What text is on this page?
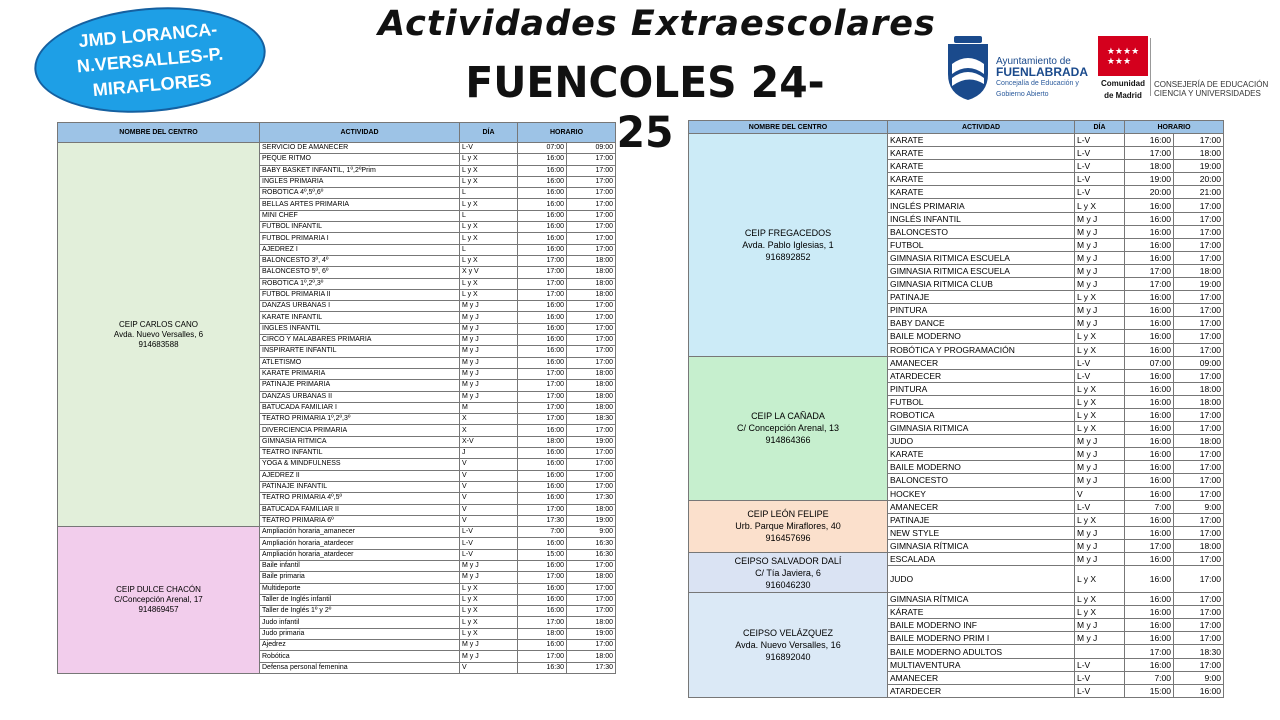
JMD LORANCA-
N.VERSALLES-P.
MIRAFLORES
Actividades Extraescolares
FUENCOLES 24-25
Ayuntamiento de
FUENLABRADA
Concejalía de Educación y
Gobierno Abierto
★★★★
★★★
Comunidad
de Madrid
CONSEJERÍA DE EDUCACIÓN
CIENCIA Y UNIVERSIDADES
NOMBRE DEL CENTRO	ACTIVIDAD	DÍA	HORARIO	

CEIP CARLOS CANO
Avda. Nuevo Versalles, 6
914683588	SERVICIO DE AMANECER	L-V	07:00	09:00
	PEQUE RITMO	L y X	16:00	17:00
	BABY BASKET INFANTIL, 1º,2ºPrim	L y X	16:00	17:00
	INGLES PRIMARIA	L y X	16:00	17:00
	ROBOTICA 4º,5º,6º	L	16:00	17:00
	BELLAS ARTES PRIMARIA	L y X	16:00	17:00
	MINI CHEF	L	16:00	17:00
	FUTBOL INFANTIL	L y X	16:00	17:00
	FUTBOL PRIMARIA I	L y X	16:00	17:00
	AJEDREZ I	L	16:00	17:00
	BALONCESTO 3º, 4º	L y X	17:00	18:00
	BALONCESTO 5º, 6º	X y V	17:00	18:00
	ROBOTICA 1º,2º,3º	L y X	17:00	18:00
	FUTBOL PRIMARIA II	L y X	17:00	18:00
	DANZAS URBANAS I	M y J	16:00	17:00
	KARATE INFANTIL	M y J	16:00	17:00
	INGLES INFANTIL	M y J	16:00	17:00
	CIRCO Y MALABARES PRIMARIA	M y J	16:00	17:00
	INSPIRARTE INFANTIL	M y J	16:00	17:00
	ATLETISMO	M y J	16:00	17:00
	KARATE PRIMARIA	M y J	17:00	18:00
	PATINAJE PRIMARIA	M y J	17:00	18:00
	DANZAS URBANAS II	M y J	17:00	18:00
	BATUCADA FAMILIAR I	M	17:00	18:00
	TEATRO PRIMARIA 1º,2º,3º	X	17:00	18:30
	DIVERCIENCIA PRIMARIA	X	16:00	17:00
	GIMNASIA RITMICA	X-V	18:00	19:00
	TEATRO INFANTIL	J	16:00	17:00
	YOGA & MINDFULNESS	V	16:00	17:00
	AJEDREZ II	V	16:00	17:00
	PATINAJE INFANTIL	V	16:00	17:00
	TEATRO PRIMARIA 4º,5º	V	16:00	17:30
	BATUCADA FAMILIAR II	V	17:00	18:00
	TEATRO PRIMARIA 6º	V	17:30	19:00

CEIP DULCE CHACÓN
C/Concepción Arenal, 17
914869457	Ampliación horaria_amanecer	L-V	7:00	9:00
	Ampliación horaria_atardecer	L-V	16:00	16:30
	Ampliación horaria_atardecer	L-V	15:00	16:30
	Baile infantil	M y J	16:00	17:00
	Baile primaria	M y J	17:00	18:00
	Multideporte	L y X	16:00	17:00
	Taller de Inglés infantil	L y X	16:00	17:00
	Taller de Inglés 1º y 2º	L y X	16:00	17:00
	Judo infantil	L y X	17:00	18:00
	Judo primaria	L y X	18:00	19:00
	Ajedrez	M y J	16:00	17:00
	Robótica	M y J	17:00	18:00
	Defensa personal femenina	V	16:30	17:30
NOMBRE DEL CENTRO	ACTIVIDAD	DÍA	HORARIO	

CEIP FREGACEDOS
Avda. Pablo Iglesias, 1
916892852	KARATE	L-V	16:00	17:00
	KARATE	L-V	17:00	18:00
	KARATE	L-V	18:00	19:00
	KARATE	L-V	19:00	20:00
	KARATE	L-V	20:00	21:00
	INGLÉS PRIMARIA	L y X	16:00	17:00
	INGLÉS INFANTIL	M y J	16:00	17:00
	BALONCESTO	M y J	16:00	17:00
	FUTBOL	M y J	16:00	17:00
	GIMNASIA RITMICA ESCUELA	M y J	16:00	17:00
	GIMNASIA RITMICA ESCUELA	M y J	17:00	18:00
	GIMNASIA RITMICA CLUB	M y J	17:00	19:00
	PATINAJE	L y X	16:00	17:00
	PINTURA	M y J	16:00	17:00
	BABY DANCE	M y J	16:00	17:00
	BAILE MODERNO	L y X	16:00	17:00
	ROBÓTICA Y PROGRAMACIÓN	L y X	16:00	17:00

CEIP LA CAÑADA
C/ Concepción Arenal, 13
914864366	AMANECER	L-V	07:00	09:00
	ATARDECER	L-V	16:00	17:00
	PINTURA	L y X	16:00	18:00
	FUTBOL	L y X	16:00	18:00
	ROBOTICA	L y X	16:00	17:00
	GIMNASIA RITMICA	L y X	16:00	17:00
	JUDO	M y J	16:00	18:00
	KARATE	M y J	16:00	17:00
	BAILE MODERNO	M y J	16:00	17:00
	BALONCESTO	M y J	16:00	17:00
	HOCKEY	V	16:00	17:00

CEIP LEÓN FELIPE
Urb. Parque Miraflores, 40
916457696	AMANECER	L-V	7:00	9:00
	PATINAJE	L y X	16:00	17:00
	NEW STYLE	M y J	16:00	17:00
	GIMNASIA RÍTMICA	M y J	17:00	18:00

CEIPSO SALVADOR DALÍ
C/ Tía Javiera, 6
916046230	ESCALADA	M y J	16:00	17:00
	JUDO	L y X	16:00	17:00

CEIPSO VELÁZQUEZ
Avda. Nuevo Versalles, 16
916892040	GIMNASIA RÍTMICA	L y X	16:00	17:00
	KÁRATE	L y X	16:00	17:00
	BAILE MODERNO INF	M y J	16:00	17:00
	BAILE MODERNO PRIM I	M y J	16:00	17:00
	BAILE MODERNO ADULTOS		17:00	18:30
	MULTIAVENTURA	L-V	16:00	17:00
	AMANECER	L-V	7:00	9:00
	ATARDECER	L-V	15:00	16:00
